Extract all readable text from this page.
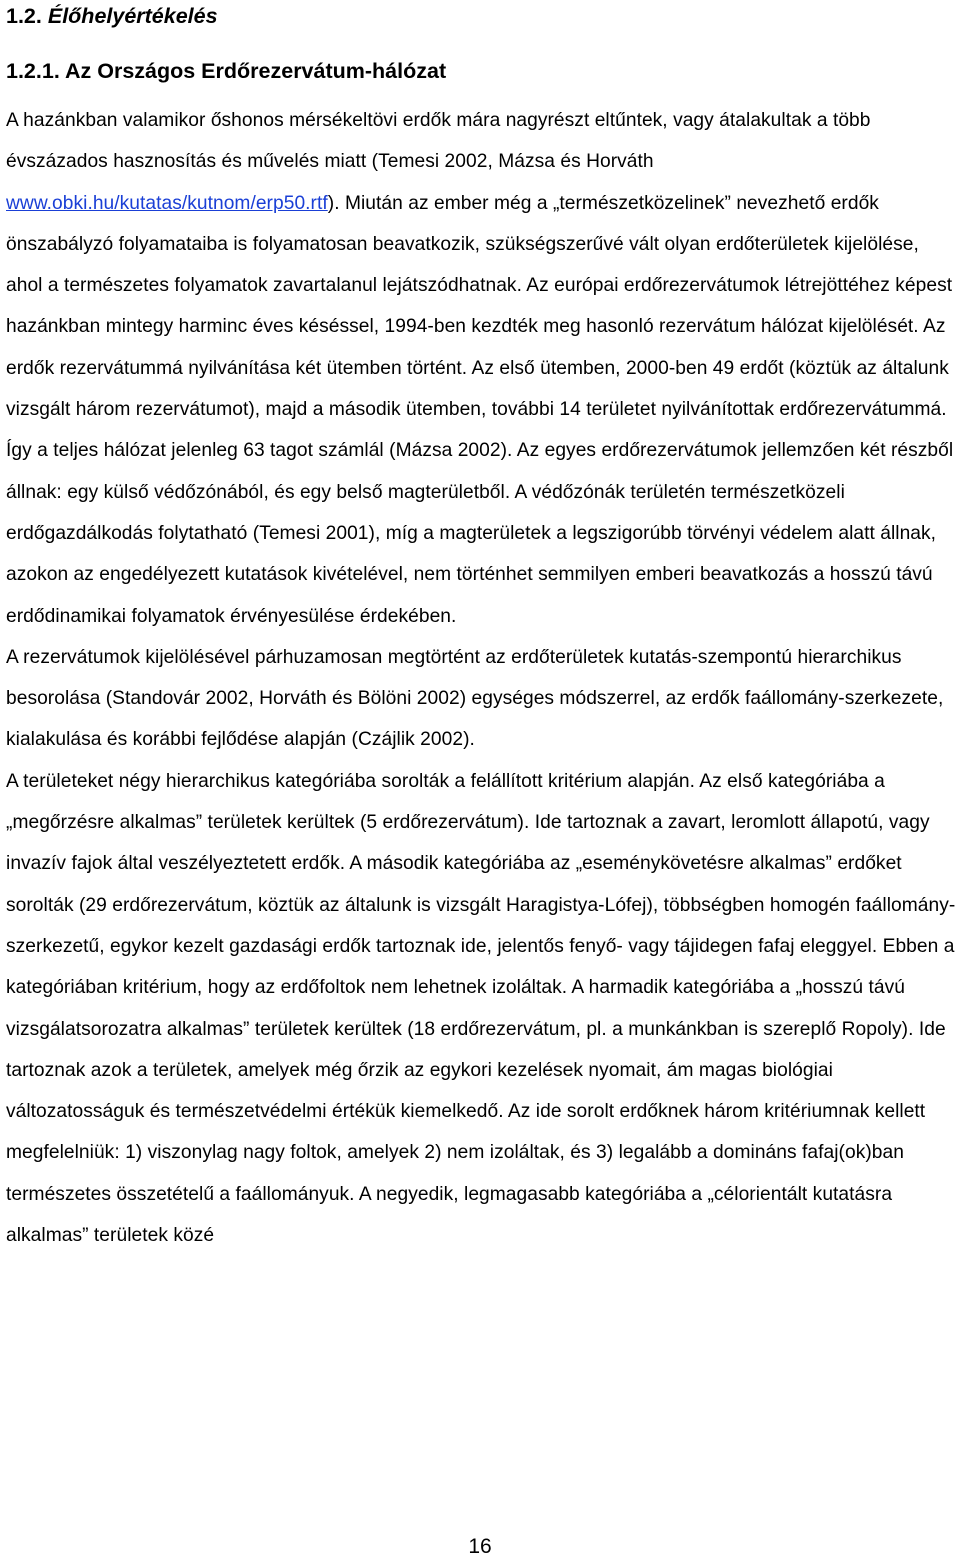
1.2. Élőhelyértékelés
1.2.1. Az Országos Erdőrezervátum-hálózat

A hazánkban valamikor őshonos mérsékeltövi erdők mára nagyrészt eltűntek, vagy átalakultak a több évszázados hasznosítás és művelés miatt (Temesi 2002, Mázsa és Horváth www.obki.hu/kutatas/kutnom/erp50.rtf). Miután az ember még a „természetközelinek” nevezhető erdők önszabályzó folyamataiba is folyamatosan beavatkozik, szükségszerűvé vált olyan erdőterületek kijelölése, ahol a természetes folyamatok zavartalanul lejátszódhatnak. Az európai erdőrezervátumok létrejöttéhez képest hazánkban mintegy harminc éves késéssel, 1994-ben kezdték meg hasonló rezervátum hálózat kijelölését. Az erdők rezervátummá nyilvánítása két ütemben történt. Az első ütemben, 2000-ben 49 erdőt (köztük az általunk vizsgált három rezervátumot), majd a második ütemben, további 14 területet nyilvánítottak erdőrezervátummá. Így a teljes hálózat jelenleg 63 tagot számlál (Mázsa 2002). Az egyes erdőrezervátumok jellemzően két részből állnak: egy külső védőzónából, és egy belső magterületből. A védőzónák területén természetközeli erdőgazdálkodás folytatható (Temesi 2001), míg a magterületek a legszigorúbb törvényi védelem alatt állnak, azokon az engedélyezett kutatások kivételével, nem történhet semmilyen emberi beavatkozás a hosszú távú erdődinamikai folyamatok érvényesülése érdekében.

A rezervátumok kijelölésével párhuzamosan megtörtént az erdőterületek kutatás-szempontú hierarchikus besorolása (Standovár 2002, Horváth és Bölöni 2002) egységes módszerrel, az erdők faállomány-szerkezete, kialakulása és korábbi fejlődése alapján (Czájlik 2002).

A területeket négy hierarchikus kategóriába sorolták a felállított kritérium alapján. Az első kategóriába a „megőrzésre alkalmas” területek kerültek (5 erdőrezervátum). Ide tartoznak a zavart, leromlott állapotú, vagy invazív fajok által veszélyeztetett erdők. A második kategóriába az „eseménykövetésre alkalmas” erdőket sorolták (29 erdőrezervátum, köztük az általunk is vizsgált Haragistya-Lófej), többségben homogén faállomány-szerkezetű, egykor kezelt gazdasági erdők tartoznak ide, jelentős fenyő- vagy tájidegen fafaj eleggyel. Ebben a kategóriában kritérium, hogy az erdőfoltok nem lehetnek izoláltak. A harmadik kategóriába a „hosszú távú vizsgálatsorozatra alkalmas” területek kerültek (18 erdőrezervátum, pl. a munkánkban is szereplő Ropoly). Ide tartoznak azok a területek, amelyek még őrzik az egykori kezelések nyomait, ám magas biológiai változatosságuk és természetvédelmi értékük kiemelkedő. Az ide sorolt erdőknek három kritériumnak kellett megfelelniük: 1) viszonylag nagy foltok, amelyek 2) nem izoláltak, és 3) legalább a domináns fafaj(ok)ban természetes összetételű a faállományuk. A negyedik, legmagasabb kategóriába a „célorientált kutatásra alkalmas” területek közé

16
